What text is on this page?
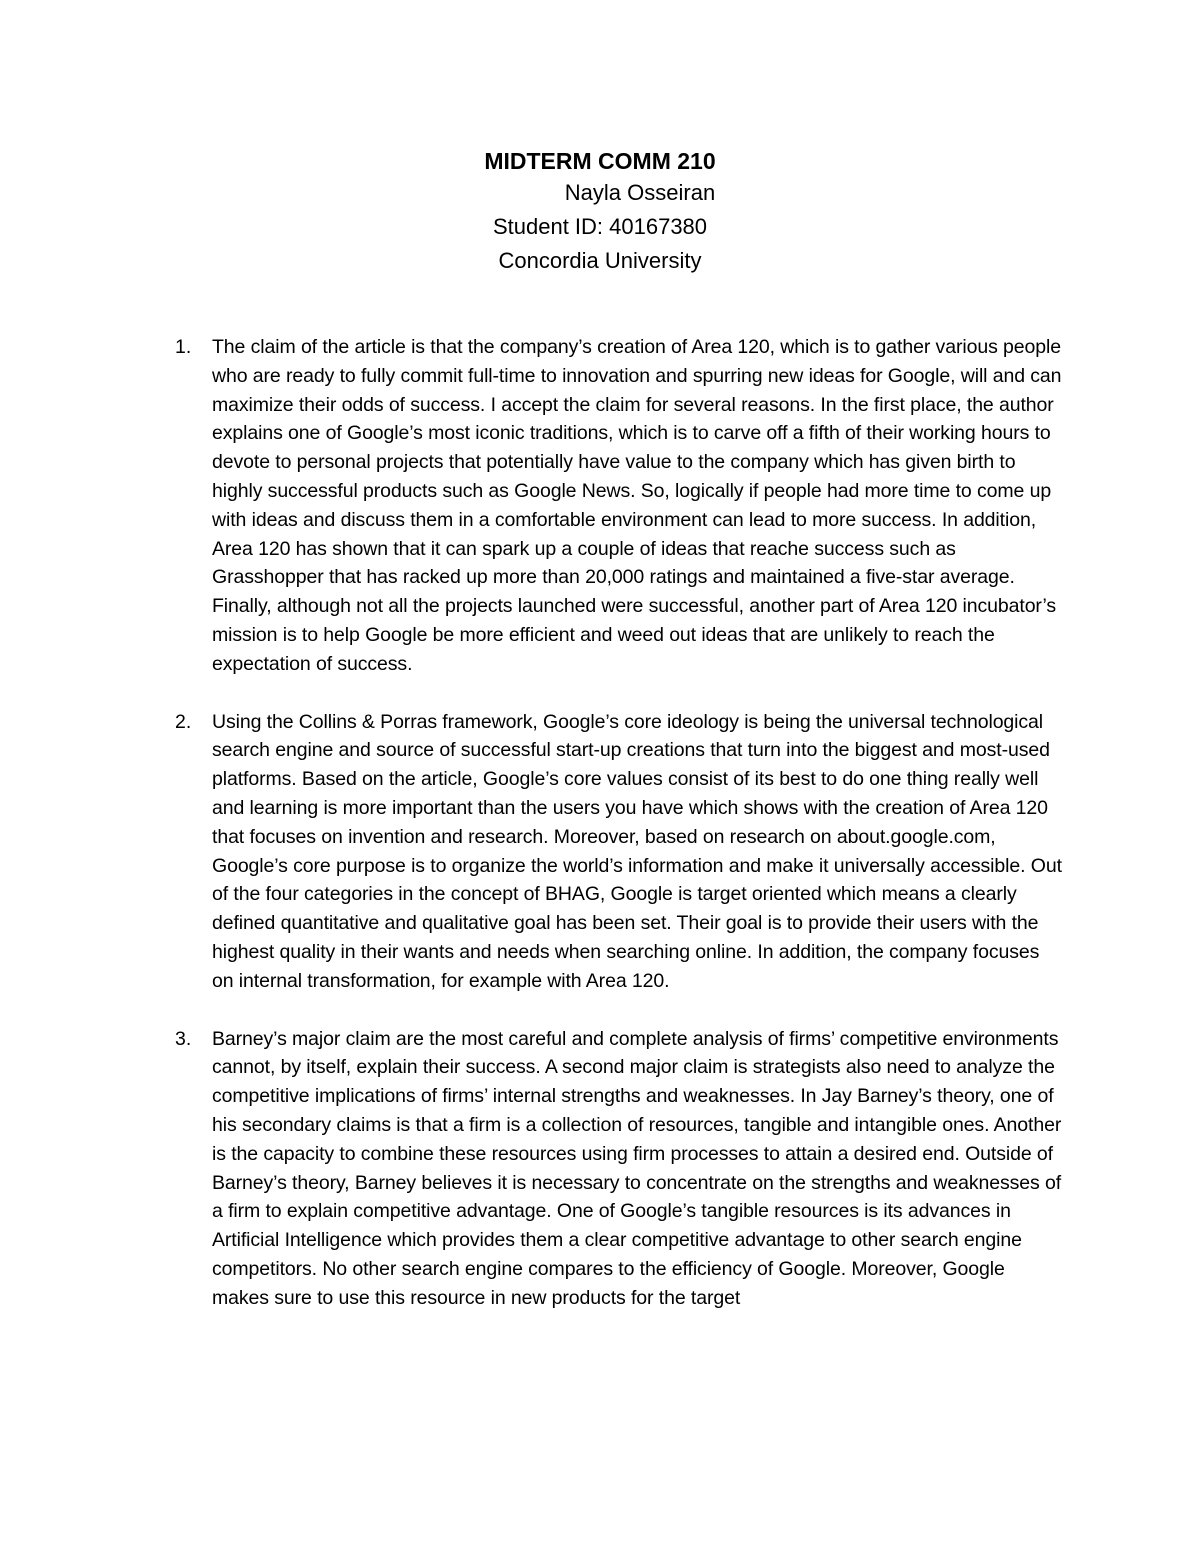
MIDTERM COMM 210

Nayla Osseiran

Student ID: 40167380

Concordia University

1. The claim of the article is that the company’s creation of Area 120, which is to gather various people who are ready to fully commit full-time to innovation and spurring new ideas for Google, will and can maximize their odds of success. I accept the claim for several reasons. In the first place, the author explains one of Google’s most iconic traditions, which is to carve off a fifth of their working hours to devote to personal projects that potentially have value to the company which has given birth to highly successful products such as Google News. So, logically if people had more time to come up with ideas and discuss them in a comfortable environment can lead to more success. In addition, Area 120 has shown that it can spark up a couple of ideas that reache success such as Grasshopper that has racked up more than 20,000 ratings and maintained a five-star average. Finally, although not all the projects launched were successful, another part of Area 120 incubator’s mission is to help Google be more efficient and weed out ideas that are unlikely to reach the expectation of success.

2. Using the Collins & Porras framework, Google’s core ideology is being the universal technological search engine and source of successful start-up creations that turn into the biggest and most-used platforms. Based on the article, Google’s core values consist of its best to do one thing really well and learning is more important than the users you have which shows with the creation of Area 120 that focuses on invention and research. Moreover, based on research on about.google.com, Google’s core purpose is to organize the world’s information and make it universally accessible. Out of the four categories in the concept of BHAG, Google is target oriented which means a clearly defined quantitative and qualitative goal has been set. Their goal is to provide their users with the highest quality in their wants and needs when searching online. In addition, the company focuses on internal transformation, for example with Area 120.

3. Barney’s major claim are the most careful and complete analysis of firms’ competitive environments cannot, by itself, explain their success. A second major claim is strategists also need to analyze the competitive implications of firms’ internal strengths and weaknesses. In Jay Barney’s theory, one of his secondary claims is that a firm is a collection of resources, tangible and intangible ones. Another is the capacity to combine these resources using firm processes to attain a desired end. Outside of Barney’s theory, Barney believes it is necessary to concentrate on the strengths and weaknesses of a firm to explain competitive advantage. One of Google’s tangible resources is its advances in Artificial Intelligence which provides them a clear competitive advantage to other search engine competitors. No other search engine compares to the efficiency of Google. Moreover, Google makes sure to use this resource in new products for the target
